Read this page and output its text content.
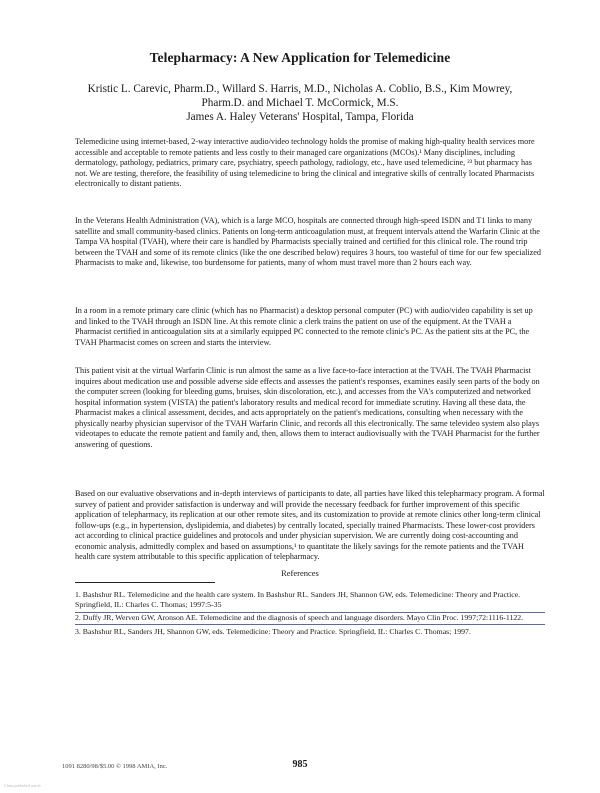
Telepharmacy: A New Application for Telemedicine
Kristic L. Carevic, Pharm.D., Willard S. Harris, M.D., Nicholas A. Coblio, B.S., Kim Mowrey,
Pharm.D. and Michael T. McCormick, M.S.
James A. Haley Veterans' Hospital, Tampa, Florida
Telemedicine using internet-based, 2-way interactive audio/video technology holds the promise of making high-quality health services more accessible and acceptable to remote patients and less costly to their managed care organizations (MCOs).¹ Many disciplines, including dermatology, pathology, pediatrics, primary care, psychiatry, speech pathology, radiology, etc., have used telemedicine, ²³ but pharmacy has not. We are testing, therefore, the feasibility of using telemedicine to bring the clinical and integrative skills of centrally located Pharmacists electronically to distant patients.
In the Veterans Health Administration (VA), which is a large MCO, hospitals are connected through high-speed ISDN and T1 links to many satellite and small community-based clinics. Patients on long-term anticoagulation must, at frequent intervals attend the Warfarin Clinic at the Tampa VA hospital (TVAH), where their care is handled by Pharmacists specially trained and certified for this clinical role. The round trip between the TVAH and some of its remote clinics (like the one described below) requires 3 hours, too wasteful of time for our few specialized Pharmacists to make and, likewise, too burdensome for patients, many of whom must travel more than 2 hours each way.
In a room in a remote primary care clinic (which has no Pharmacist) a desktop personal computer (PC) with audio/video capability is set up and linked to the TVAH through an ISDN line. At this remote clinic a clerk trains the patient on use of the equipment. At the TVAH a Pharmacist certified in anticoagulation sits at a similarly equipped PC connected to the remote clinic's PC. As the patient sits at the PC, the TVAH Pharmacist comes on screen and starts the interview.
This patient visit at the virtual Warfarin Clinic is run almost the same as a live face-to-face interaction at the TVAH. The TVAH Pharmacist inquires about medication use and possible adverse side effects and assesses the patient's responses, examines easily seen parts of the body on the computer screen (looking for bleeding gums, bruises, skin discoloration, etc.), and accesses from the VA's computerized and networked hospital information system (VISTA) the patient's laboratory results and medical record for immediate scrutiny. Having all these data, the Pharmacist makes a clinical assessment, decides, and acts appropriately on the patient's medications, consulting when necessary with the physically nearby physician supervisor of the TVAH Warfarin Clinic, and records all this electronically. The same televideo system also plays videotapes to educate the remote patient and family and, then, allows them to interact audiovisually with the TVAH Pharmacist for the further answering of questions.
Based on our evaluative observations and in-depth interviews of participants to date, all parties have liked this telepharmacy program. A formal survey of patient and provider satisfaction is underway and will provide the necessary feedback for further improvement of this specific application of telepharmacy, its replication at our other remote sites, and its customization to provide at remote clinics other long-term clinical follow-ups (e.g., in hypertension, dyslipidemia, and diabetes) by centrally located, specially trained Pharmacists. These lower-cost providers act according to clinical practice guidelines and protocols and under physician supervision. We are currently doing cost-accounting and economic analysis, admittedly complex and based on assumptions,¹ to quantitate the likely savings for the remote patients and the TVAH health care system attributable to this specific application of telepharmacy.
References
1. Bashshur RL. Telemedicine and the health care system. In Bashshur RL. Sanders JH, Shannon GW, eds. Telemedicine: Theory and Practice. Springfield, IL: Charles C. Thomas; 1997:5-35
2. Duffy JR, Werven GW, Aronson AE. Telemedicine and the diagnosis of speech and language disorders. Mayo Clin Proc. 1997;72:1116-1122.
3. Bashshur RL, Sanders JH, Shannon GW, eds. Telemedicine: Theory and Practice. Springfield, IL: Charles C. Thomas; 1997.
1091 8280/98/$5.00 © 1998 AMIA, Inc.	985
Clean published article
